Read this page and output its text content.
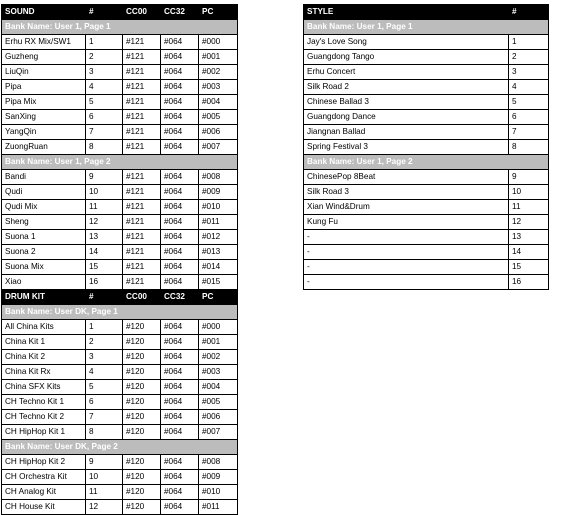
SOUND	#	CC00	CC32	PC
Bank Name: User 1, Page 1				
Erhu RX Mix/SW1	1	#121	#064	#000
Guzheng	2	#121	#064	#001
LiuQin	3	#121	#064	#002
Pipa	4	#121	#064	#003
Pipa Mix	5	#121	#064	#004
SanXing	6	#121	#064	#005
YangQin	7	#121	#064	#006
ZuongRuan	8	#121	#064	#007
Bank Name: User 1, Page 2				
Bandi	9	#121	#064	#008
Qudi	10	#121	#064	#009
Qudi Mix	11	#121	#064	#010
Sheng	12	#121	#064	#011
Suona 1	13	#121	#064	#012
Suona 2	14	#121	#064	#013
Suona Mix	15	#121	#064	#014
Xiao	16	#121	#064	#015
DRUM KIT	#	CC00	CC32	PC
Bank Name: User DK, Page 1				
All China Kits	1	#120	#064	#000
China Kit 1	2	#120	#064	#001
China Kit 2	3	#120	#064	#002
China Kit Rx	4	#120	#064	#003
China SFX Kits	5	#120	#064	#004
CH Techno Kit 1	6	#120	#064	#005
CH Techno Kit 2	7	#120	#064	#006
CH HipHop Kit 1	8	#120	#064	#007
Bank Name: User DK, Page 2				
CH HipHop Kit 2	9	#120	#064	#008
CH Orchestra Kit	10	#120	#064	#009
CH Analog Kit	11	#120	#064	#010
CH House Kit	12	#120	#064	#011
STYLE	#
Bank Name: User 1, Page 1	
Jay's Love Song	1
Guangdong Tango	2
Erhu Concert	3
Silk Road 2	4
Chinese Ballad 3	5
Guangdong Dance	6
Jiangnan Ballad	7
Spring Festival 3	8
Bank Name: User 1, Page 2	
ChinesePop 8Beat	9
Silk Road 3	10
Xian Wind&Drum	11
Kung Fu	12
-	13
-	14
-	15
-	16
